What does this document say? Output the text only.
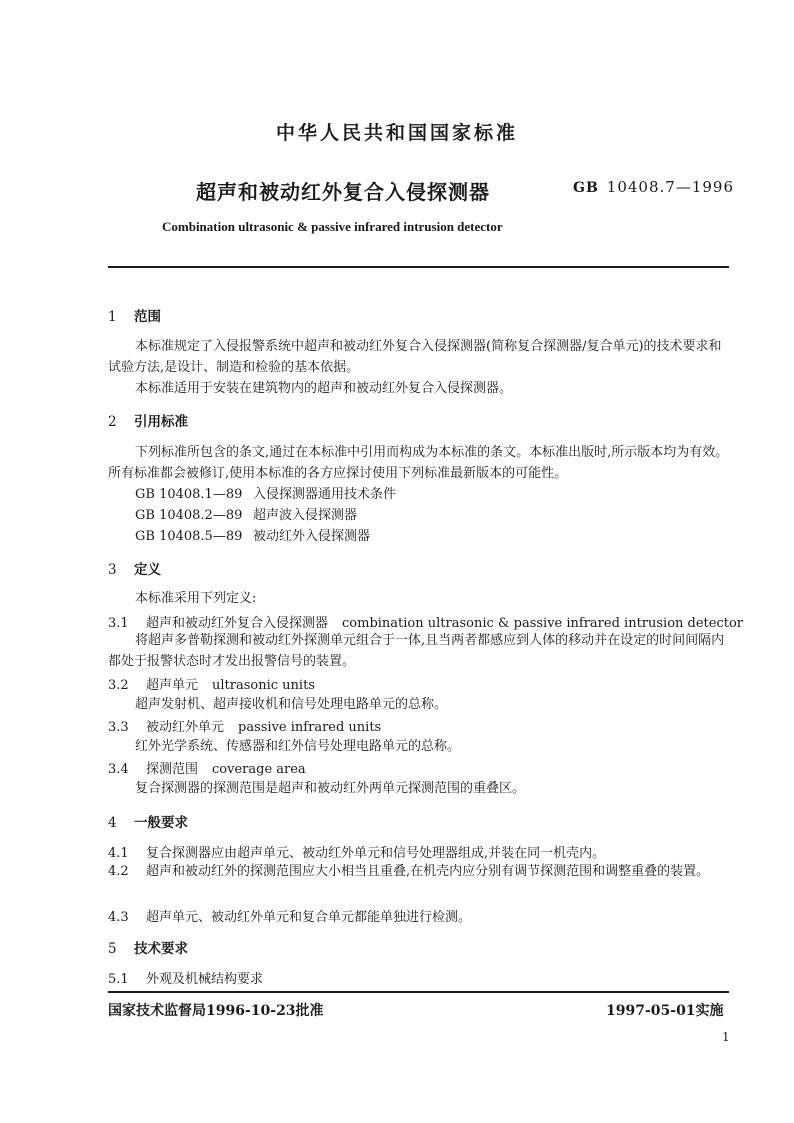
中华人民共和国国家标准
超声和被动红外复合入侵探测器	GB 10408.7—1996
Combination ultrasonic & passive infrared intrusion detector
1 范围
本标准规定了入侵报警系统中超声和被动红外复合入侵探测器(简称复合探测器/复合单元)的技术要求和试验方法,是设计、制造和检验的基本依据。
本标准适用于安装在建筑物内的超声和被动红外复合入侵探测器。
2 引用标准
下列标准所包含的条文,通过在本标准中引用而构成为本标准的条文。本标准出版时,所示版本均为有效。所有标准都会被修订,使用本标准的各方应探讨使用下列标准最新版本的可能性。
GB 10408.1—89 入侵探测器通用技术条件
GB 10408.2—89 超声波入侵探测器
GB 10408.5—89 被动红外入侵探测器
3 定义
本标准采用下列定义:
3.1 超声和被动红外复合入侵探测器 combination ultrasonic & passive infrared intrusion detector
将超声多普勒探测和被动红外探测单元组合于一体,且当两者都感应到人体的移动并在设定的时间间隔内都处于报警状态时才发出报警信号的装置。
3.2 超声单元 ultrasonic units
超声发射机、超声接收机和信号处理电路单元的总称。
3.3 被动红外单元 passive infrared units
红外光学系统、传感器和红外信号处理电路单元的总称。
3.4 探测范围 coverage area
复合探测器的探测范围是超声和被动红外两单元探测范围的重叠区。
4 一般要求
4.1 复合探测器应由超声单元、被动红外单元和信号处理器组成,并装在同一机壳内。
4.2 超声和被动红外的探测范围应大小相当且重叠,在机壳内应分别有调节探测范围和调整重叠的装置。
4.3 超声单元、被动红外单元和复合单元都能单独进行检测。
5 技术要求
5.1 外观及机械结构要求
国家技术监督局1996-10-23批准	1997-05-01实施
1
